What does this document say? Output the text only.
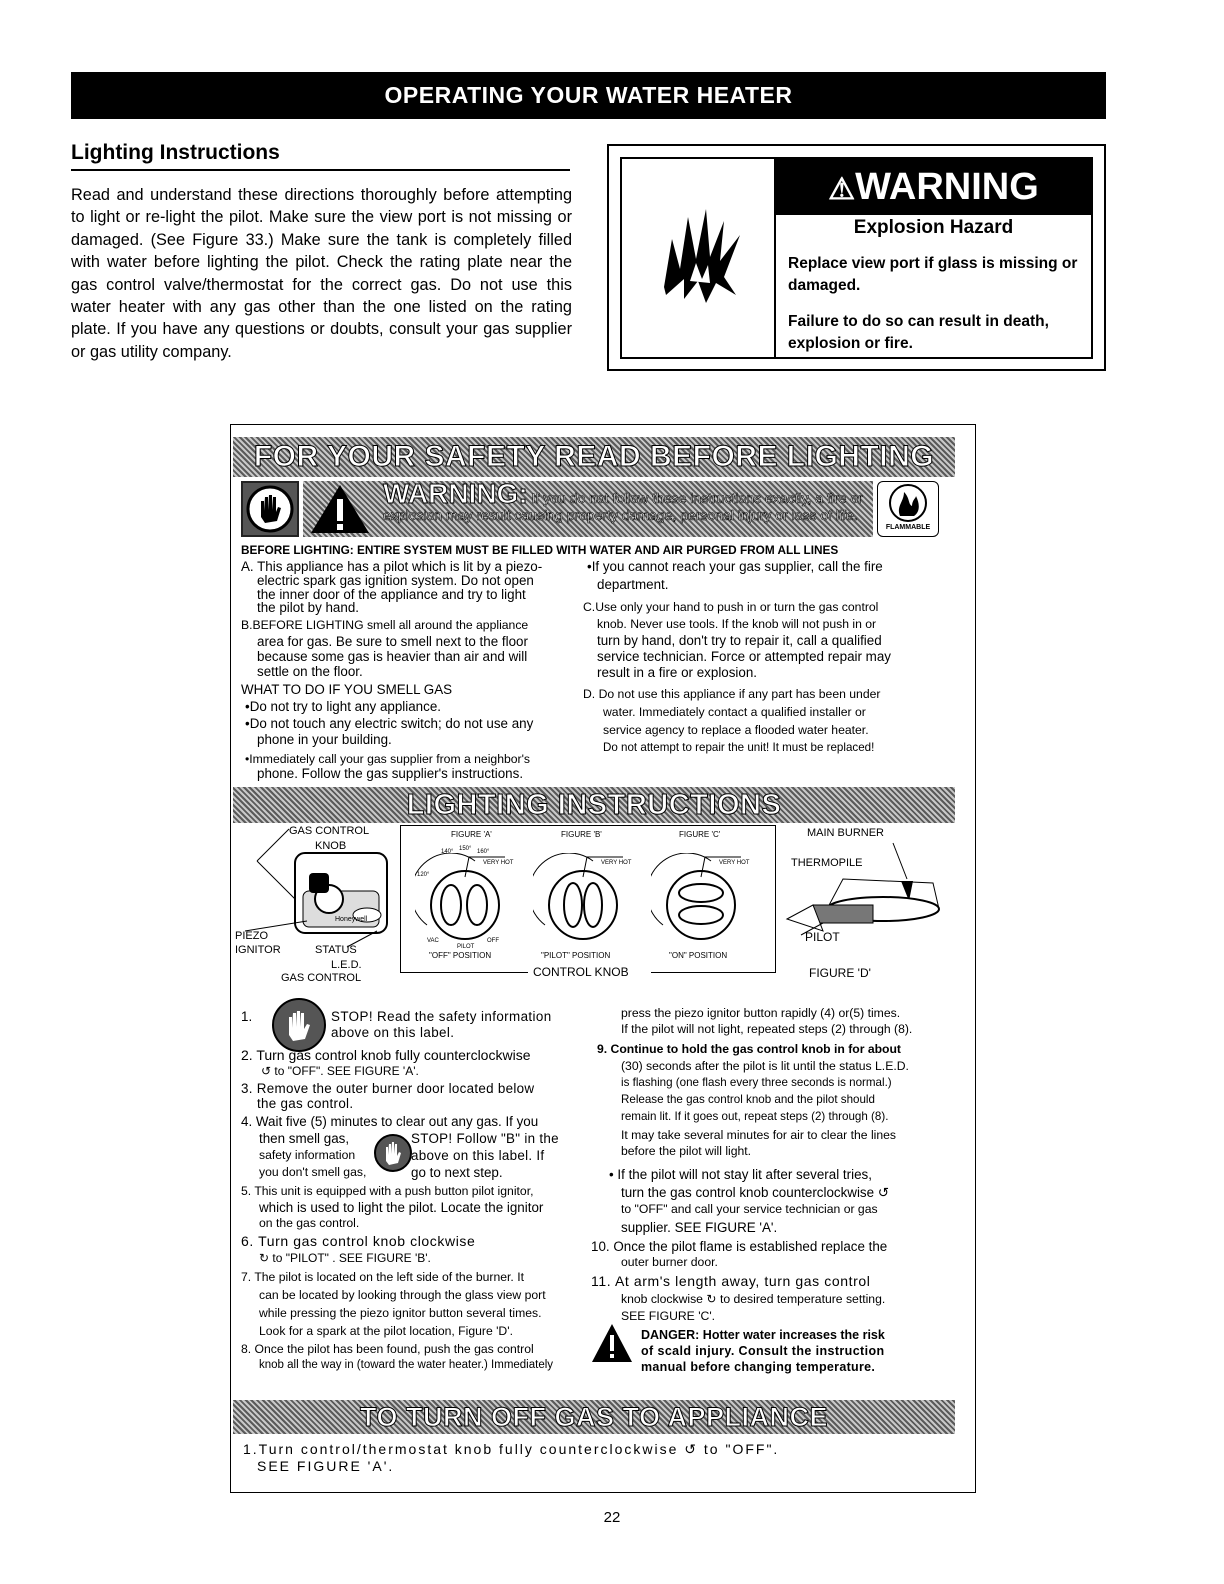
OPERATING YOUR WATER HEATER
Lighting Instructions
Read and understand these directions thoroughly before attempting to light or re-light the pilot. Make sure the view port is not missing or damaged. (See Figure 33.) Make sure the tank is completely filled with water before lighting the pilot. Check the rating plate near the gas control valve/thermostat for the correct gas. Do not use this water heater with any gas other than the one listed on the rating plate. If you have any questions or doubts, consult your gas supplier or gas utility company.
⚠WARNING
Explosion Hazard
Replace view port if glass is missing or damaged.
Failure to do so can result in death, explosion or fire.
FOR YOUR SAFETY READ BEFORE LIGHTING
WARNING: If you do not follow these instructions exactly, a fire or explosion may result causing property damage, personal injury or loss of life.
FLAMMABLE
BEFORE LIGHTING: ENTIRE SYSTEM MUST BE FILLED WITH WATER AND AIR PURGED FROM ALL LINES
A. This appliance has a pilot which is lit by a piezo-
electric spark gas ignition system. Do not open
the inner door of the appliance and try to light
the pilot by hand.
B.BEFORE LIGHTING smell all around the appliance
area for gas. Be sure to smell next to the floor
because some gas is heavier than air and will
settle on the floor.
WHAT TO DO IF YOU SMELL GAS
•Do not try to light any appliance.
•Do not touch any electric switch; do not use any
phone in your building.
•Immediately call your gas supplier from a neighbor's
phone. Follow the gas supplier's instructions.
•If you cannot reach your gas supplier, call the fire
department.
C.Use only your hand to push in or turn the gas control
knob. Never use tools. If the knob will not push in or
turn by hand, don't try to repair it, call a qualified
service technician. Force or attempted repair may
result in a fire or explosion.
D. Do not use this appliance if any part has been under
water. Immediately contact a qualified installer or
service agency to replace a flooded water heater.
Do not attempt to repair the unit! It must be replaced!
LIGHTING INSTRUCTIONS
GAS CONTROL
KNOB
PIEZO
IGNITOR	STATUS
L.E.D.
GAS CONTROL
Honeywell
FIGURE 'A'	FIGURE 'B'	FIGURE 'C'
VERY HOT	VERY HOT	VERY HOT
140° 150° 160°
120°
VAC
PILOT
OFF
"OFF" POSITION	"PILOT" POSITION	"ON" POSITION
CONTROL KNOB
MAIN BURNER
THERMOPILE
PILOT
FIGURE 'D'
1.	STOP! Read the safety information
above on this label.
2. Turn gas control knob fully counterclockwise
↺ to "OFF". SEE FIGURE 'A'.
3. Remove the outer burner door located below
the gas control.
4. Wait five (5) minutes to clear out any gas. If you
then smell gas,	STOP! Follow "B" in the
safety information	above on this label. If
you don't smell gas,	go to next step.
5. This unit is equipped with a push button pilot ignitor,
which is used to light the pilot. Locate the ignitor
on the gas control.
6. Turn gas control knob clockwise
↻ to "PILOT" . SEE FIGURE 'B'.
7. The pilot is located on the left side of the burner. It
can be located by looking through the glass view port
while pressing the piezo ignitor button several times.
Look for a spark at the pilot location, Figure 'D'.
8. Once the pilot has been found, push the gas control
knob all the way in (toward the water heater.) Immediately
press the piezo ignitor button rapidly (4) or(5) times.
If the pilot will not light, repeated steps (2) through (8).
9. Continue to hold the gas control knob in for about
(30) seconds after the pilot is lit until the status L.E.D.
is flashing (one flash every three seconds is normal.)
Release the gas control knob and the pilot should
remain lit. If it goes out, repeat steps (2) through (8).
It may take several minutes for air to clear the lines
before the pilot will light.
• If the pilot will not stay lit after several tries,
turn the gas control knob counterclockwise ↺
to "OFF" and call your service technician or gas
supplier. SEE FIGURE 'A'.
10. Once the pilot flame is established replace the
outer burner door.
11. At arm's length away, turn gas control
knob clockwise ↻ to desired temperature setting.
SEE FIGURE 'C'.
DANGER: Hotter water increases the risk
of scald injury. Consult the instruction
manual before changing temperature.
TO TURN OFF GAS TO APPLIANCE
1.Turn control/thermostat knob fully counterclockwise ↺ to "OFF".
SEE FIGURE 'A'.
22
